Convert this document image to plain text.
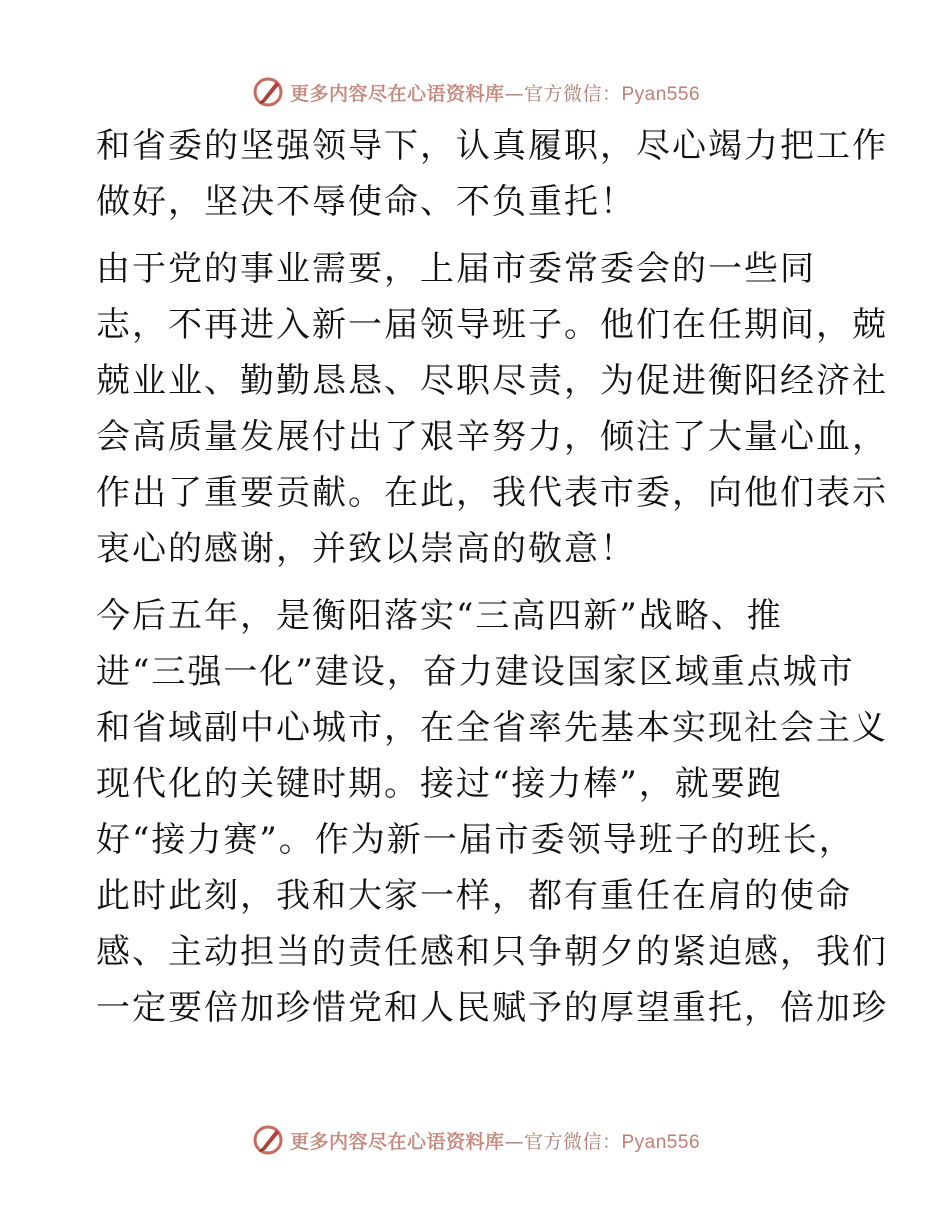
更多内容尽在心语资料库—官方微信：Pyan556
和省委的坚强领导下，认真履职，尽心竭力把工作
做好，坚决不辱使命、不负重托！
由于党的事业需要，上届市委常委会的一些同
志，不再进入新一届领导班子。他们在任期间，兢
兢业业、勤勤恳恳、尽职尽责，为促进衡阳经济社
会高质量发展付出了艰辛努力，倾注了大量心血，
作出了重要贡献。在此，我代表市委，向他们表示
衷心的感谢，并致以崇高的敬意！
今后五年，是衡阳落实“三高四新”战略、推
进“三强一化”建设，奋力建设国家区域重点城市
和省域副中心城市，在全省率先基本实现社会主义
现代化的关键时期。接过“接力棒”，就要跑
好“接力赛”。作为新一届市委领导班子的班长，
此时此刻，我和大家一样，都有重任在肩的使命
感、主动担当的责任感和只争朝夕的紧迫感，我们
一定要倍加珍惜党和人民赋予的厚望重托，倍加珍
更多内容尽在心语资料库—官方微信：Pyan556
